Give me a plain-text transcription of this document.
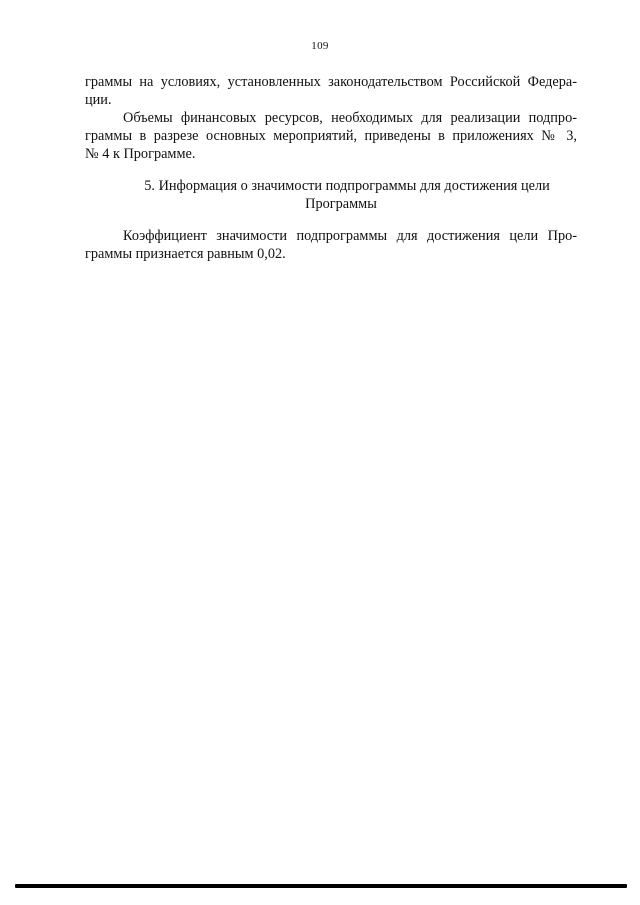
109
граммы на условиях, установленных законодательством Российской Федера-
ции.
Объемы финансовых ресурсов, необходимых для реализации подпро-
граммы в разрезе основных мероприятий, приведены в приложениях № 3,
№ 4 к Программе.
5. Информация о значимости подпрограммы для достижения цели
Программы
Коэффициент значимости подпрограммы для достижения цели Про-
граммы признается равным 0,02.
